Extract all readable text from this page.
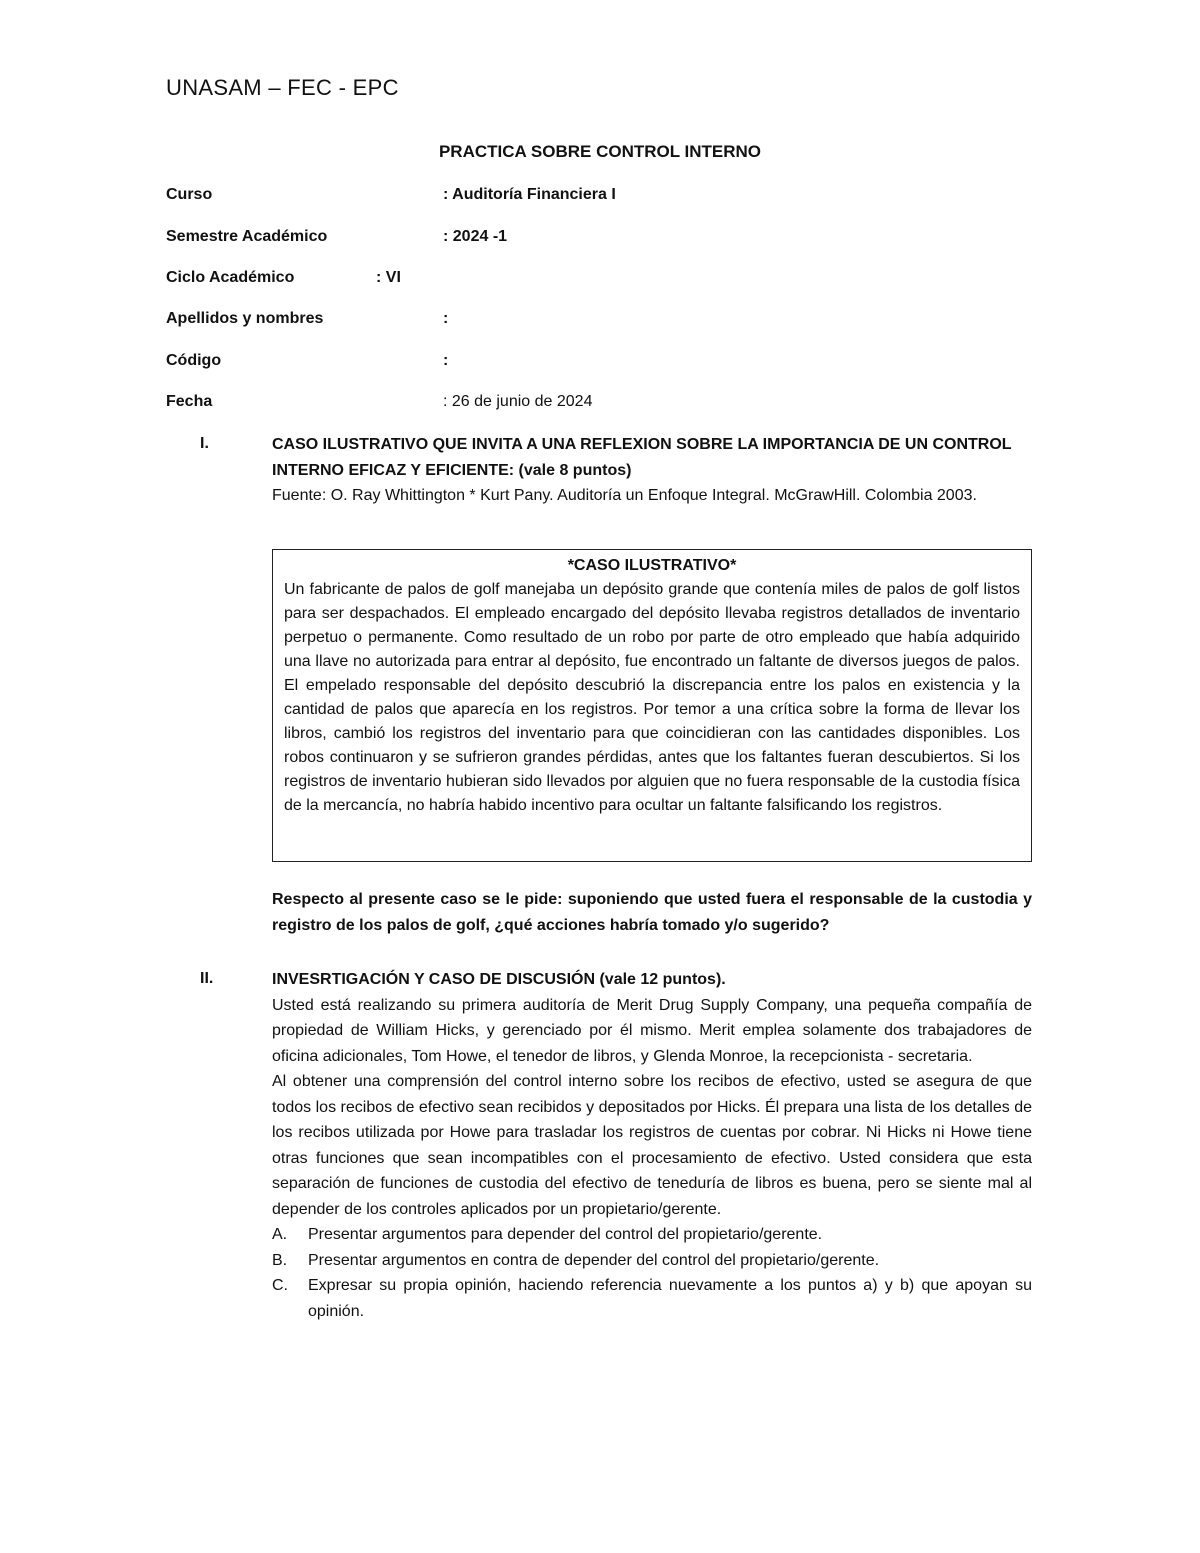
UNASAM – FEC - EPC
PRACTICA SOBRE CONTROL INTERNO
Curso	: Auditoría Financiera I
Semestre Académico	: 2024 -1
Ciclo Académico	: VI
Apellidos y nombres	:
Código	:
Fecha	: 26 de junio de 2024
I.	CASO ILUSTRATIVO QUE INVITA A UNA REFLEXION SOBRE LA IMPORTANCIA DE UN CONTROL INTERNO EFICAZ Y EFICIENTE: (vale 8 puntos)
Fuente: O. Ray Whittington * Kurt Pany. Auditoría un Enfoque Integral. McGrawHill. Colombia 2003.
*CASO ILUSTRATIVO*
Un fabricante de palos de golf manejaba un depósito grande que contenía miles de palos de golf listos para ser despachados. El empleado encargado del depósito llevaba registros detallados de inventario perpetuo o permanente. Como resultado de un robo por parte de otro empleado que había adquirido una llave no autorizada para entrar al depósito, fue encontrado un faltante de diversos juegos de palos. El empelado responsable del depósito descubrió la discrepancia entre los palos en existencia y la cantidad de palos que aparecía en los registros. Por temor a una crítica sobre la forma de llevar los libros, cambió los registros del inventario para que coincidieran con las cantidades disponibles. Los robos continuaron y se sufrieron grandes pérdidas, antes que los faltantes fueran descubiertos. Si los registros de inventario hubieran sido llevados por alguien que no fuera responsable de la custodia física de la mercancía, no habría habido incentivo para ocultar un faltante falsificando los registros.
Respecto al presente caso se le pide: suponiendo que usted fuera el responsable de la custodia y registro de los palos de golf, ¿qué acciones habría tomado y/o sugerido?
II.	INVESRTIGACIÓN Y CASO DE DISCUSIÓN (vale 12 puntos).
Usted está realizando su primera auditoría de Merit Drug Supply Company, una pequeña compañía de propiedad de William Hicks, y gerenciado por él mismo. Merit emplea solamente dos trabajadores de oficina adicionales, Tom Howe, el tenedor de libros, y Glenda Monroe, la recepcionista - secretaria.
Al obtener una comprensión del control interno sobre los recibos de efectivo, usted se asegura de que todos los recibos de efectivo sean recibidos y depositados por Hicks. Él prepara una lista de los detalles de los recibos utilizada por Howe para trasladar los registros de cuentas por cobrar. Ni Hicks ni Howe tiene otras funciones que sean incompatibles con el procesamiento de efectivo. Usted considera que esta separación de funciones de custodia del efectivo de teneduría de libros es buena, pero se siente mal al depender de los controles aplicados por un propietario/gerente.
A.	Presentar argumentos para depender del control del propietario/gerente.
B.	Presentar argumentos en contra de depender del control del propietario/gerente.
C.	Expresar su propia opinión, haciendo referencia nuevamente a los puntos a) y b) que apoyan su opinión.
